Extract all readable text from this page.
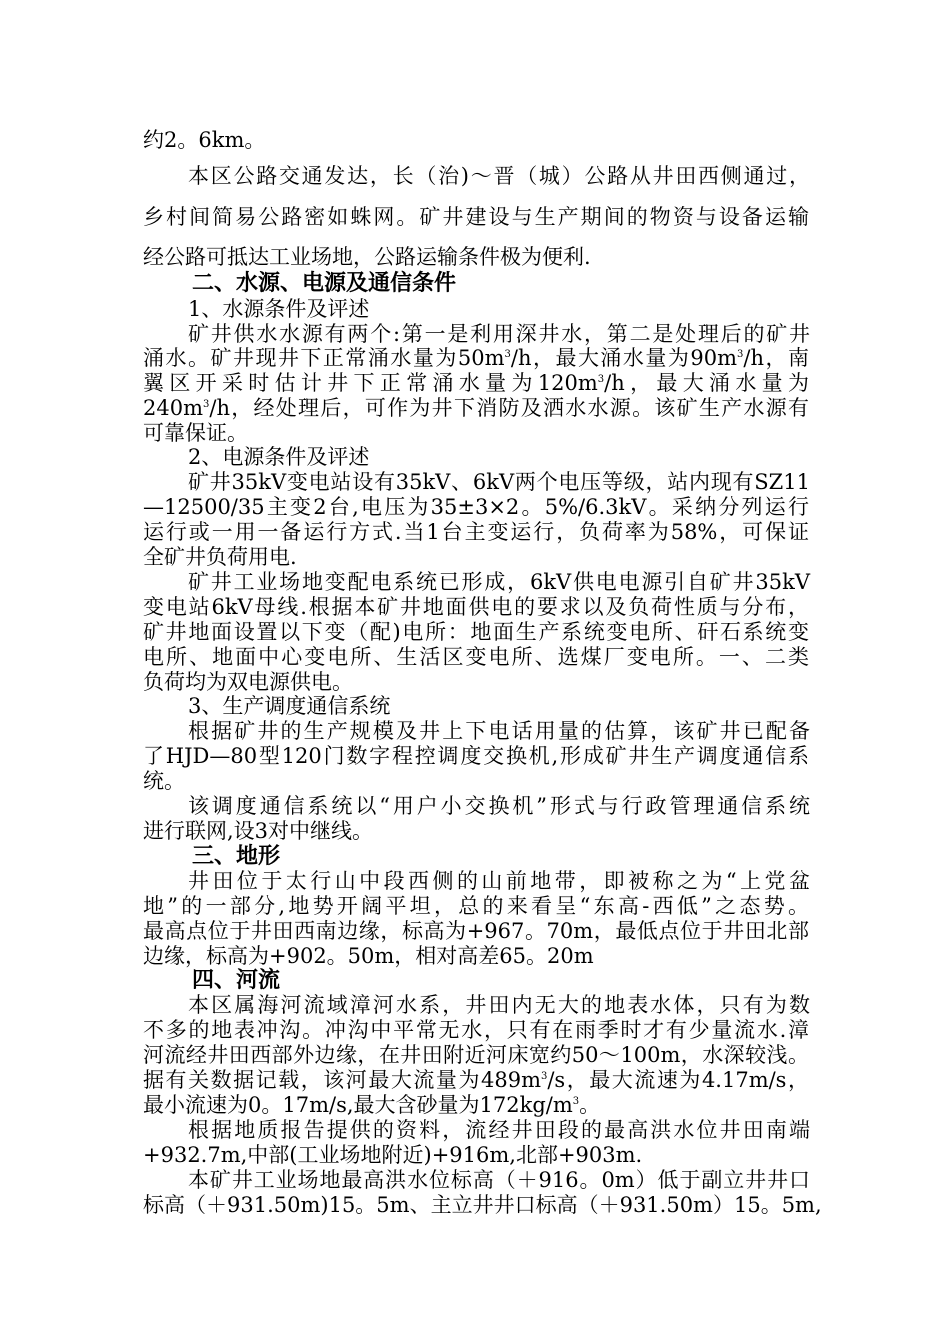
约2。6km。
本区公路交通发达，长（治)～晋（城）公路从井田西侧通过，
乡村间简易公路密如蛛网。矿井建设与生产期间的物资与设备运输
经公路可抵达工业场地，公路运输条件极为便利.
二、水源、电源及通信条件
1、水源条件及评述
矿井供水水源有两个:第一是利用深井水，第二是处理后的矿井
涌水。矿井现井下正常涌水量为$50m^3/h$，最大涌水量为$90m^3/h$，南
翼区开采时估计井下正常涌水量为$120m^3/h$，最大涌水量为
$240m^3/h$，经处理后，可作为井下消防及洒水水源。该矿生产水源有
可靠保证。
2、电源条件及评述
矿井35kV变电站设有35kV、6kV两个电压等级，站内现有SZ11
—12500/35主变2台,电压为35±3×2。5%/6.3kV。采纳分列运行
运行或一用一备运行方式.当1台主变运行，负荷率为58%，可保证
全矿井负荷用电.
矿井工业场地变配电系统已形成，6kV供电电源引自矿井35kV
变电站6kV母线.根据本矿井地面供电的要求以及负荷性质与分布，
矿井地面设置以下变（配)电所：地面生产系统变电所、矸石系统变
电所、地面中心变电所、生活区变电所、选煤厂变电所。一、二类
负荷均为双电源供电。
3、生产调度通信系统
根据矿井的生产规模及井上下电话用量的估算，该矿井已配备
了HJD—80型120门数字程控调度交换机,形成矿井生产调度通信系
统。
该调度通信系统以“用户小交换机”形式与行政管理通信系统
进行联网,设3对中继线。
三、地形
井田位于太行山中段西侧的山前地带，即被称之为“上党盆
地”的一部分,地势开阔平坦，总的来看呈“东高-西低”之态势。
最高点位于井田西南边缘，标高为+967。70m，最低点位于井田北部
边缘，标高为+902。50m，相对高差65。20m
四、河流
本区属海河流域漳河水系，井田内无大的地表水体，只有为数
不多的地表冲沟。冲沟中平常无水，只有在雨季时才有少量流水.漳
河流经井田西部外边缘，在井田附近河床宽约50～100m，水深较浅。
据有关数据记载，该河最大流量为$489m^3/s$，最大流速为4.17m/s，
最小流速为0。17m/s,最大含砂量为$172kg/m^3$。
根据地质报告提供的资料，流经井田段的最高洪水位井田南端
+932.7m,中部(工业场地附近)+916m,北部+903m.
本矿井工业场地最高洪水位标高（＋916。0m）低于副立井井口
标高（＋931.50m)15。5m、主立井井口标高（＋931.50m）15。5m,
